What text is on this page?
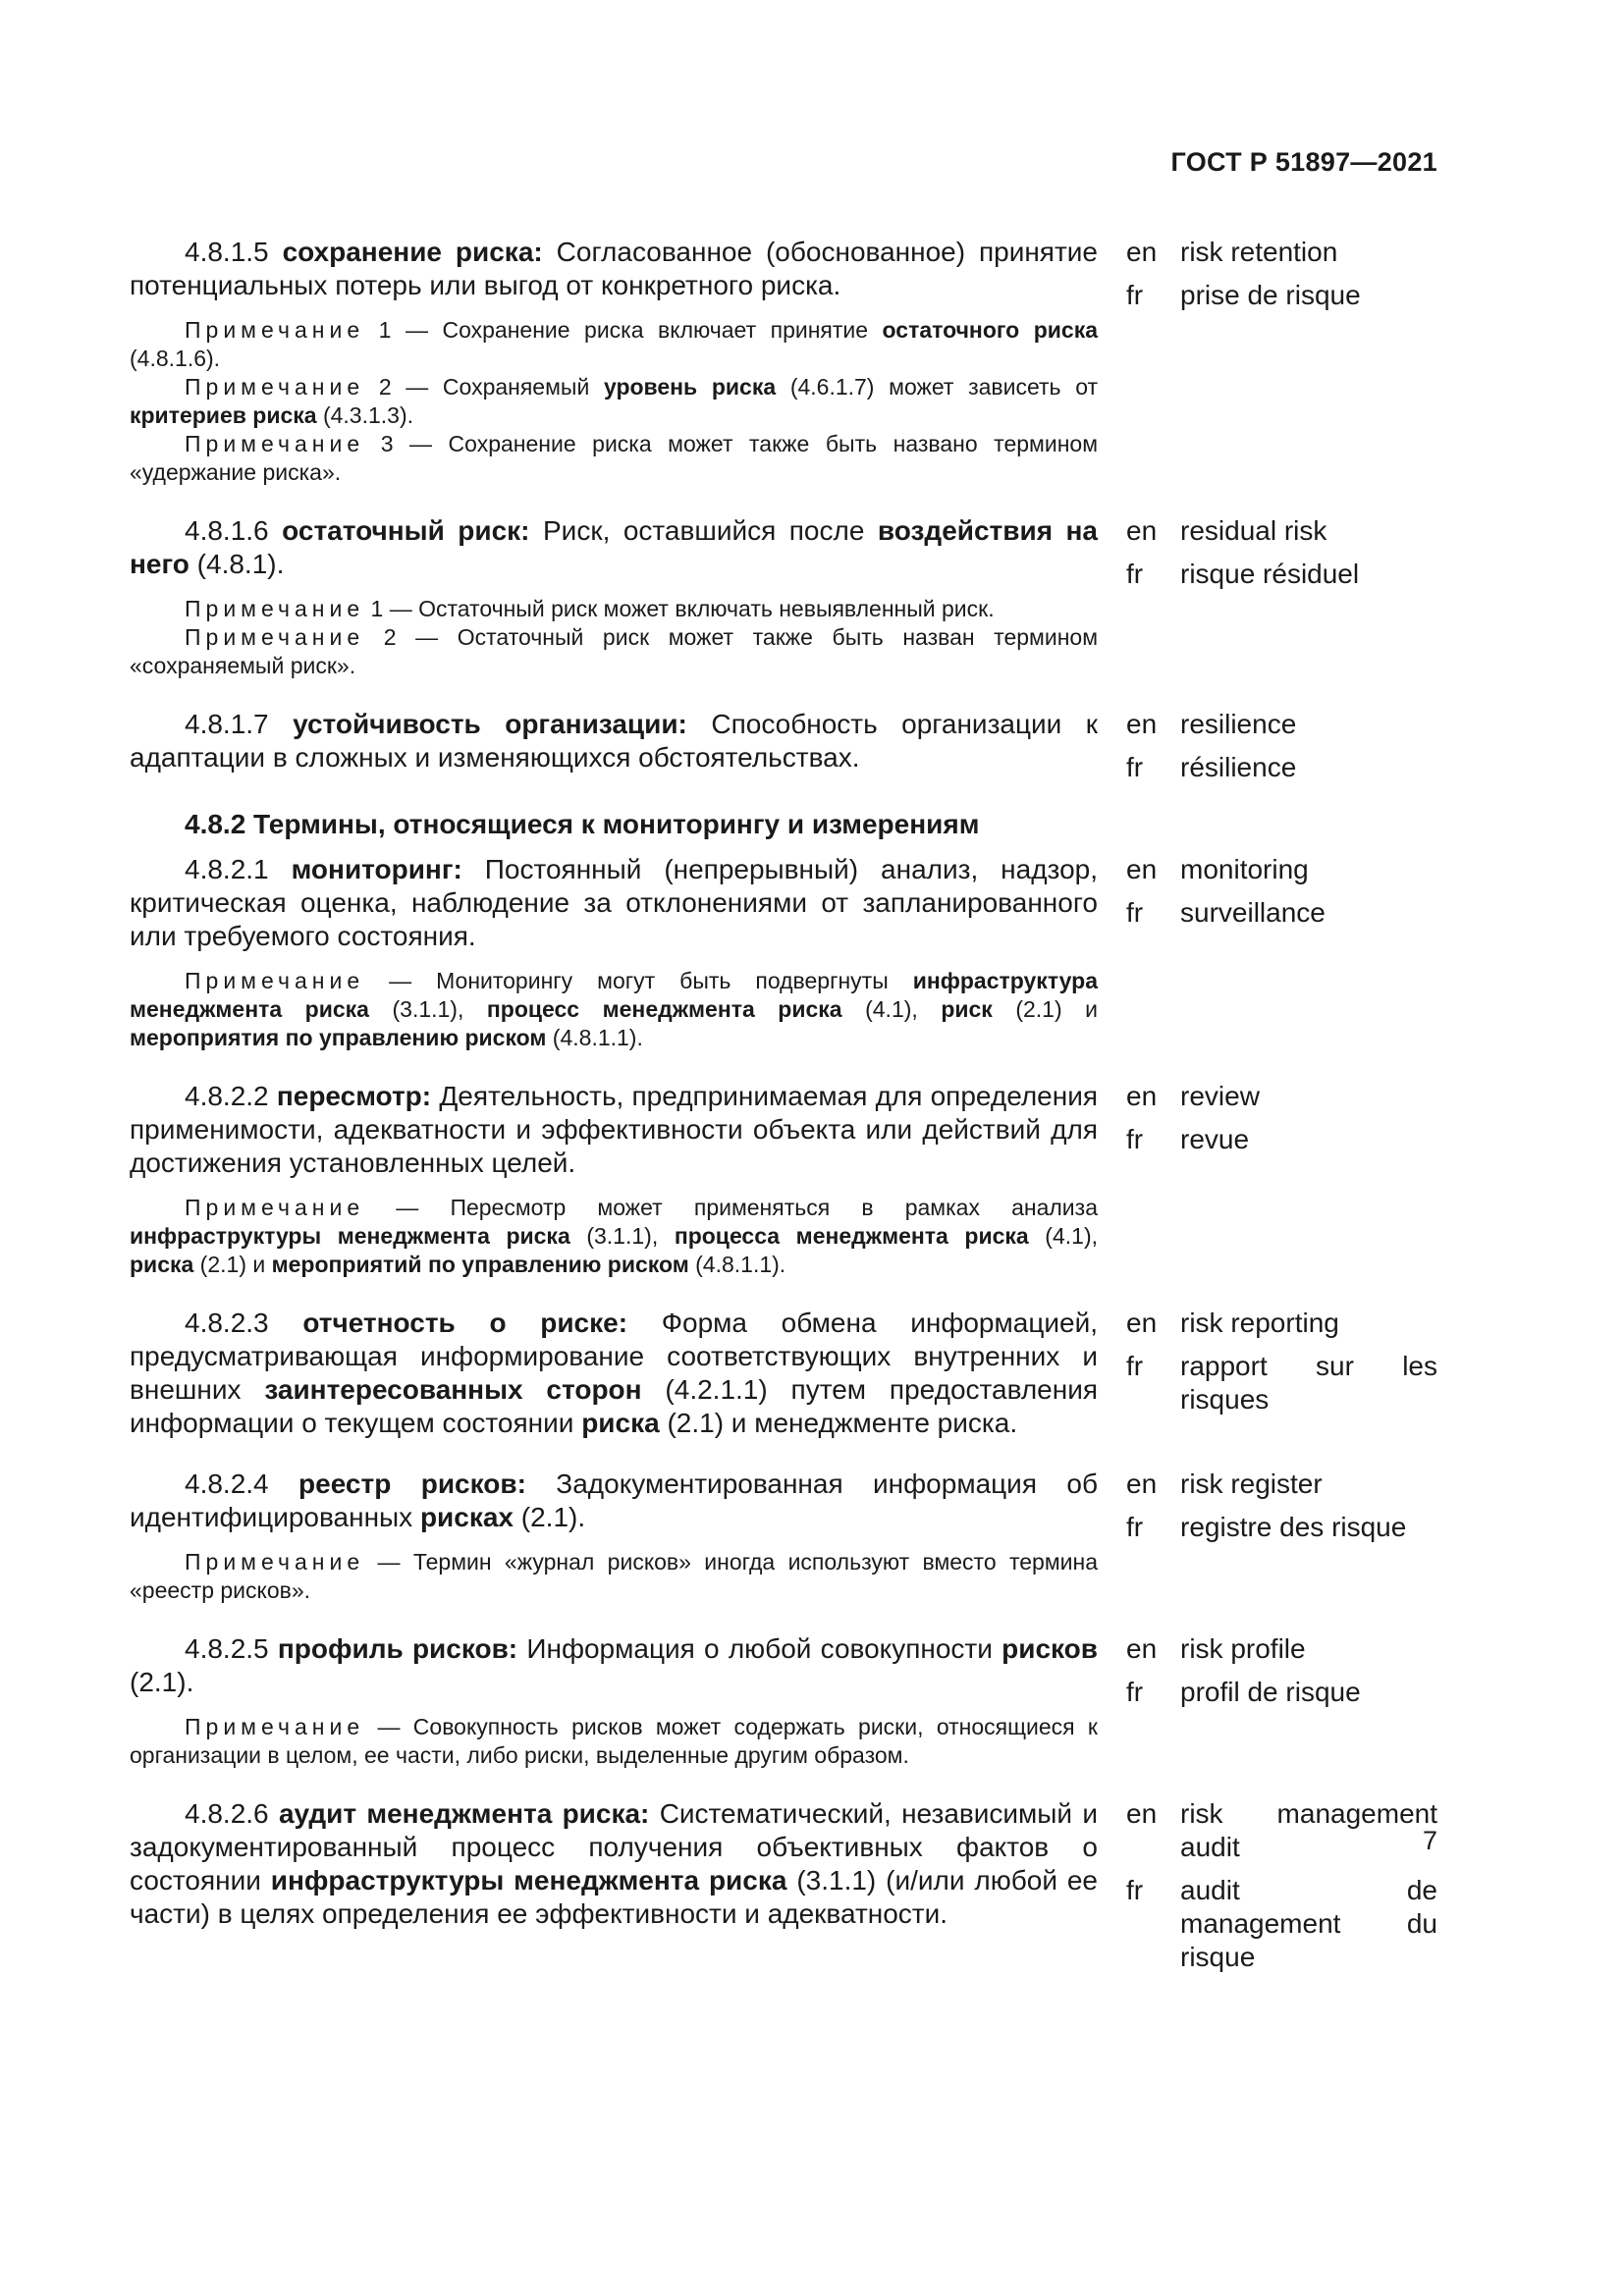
ГОСТ Р 51897—2021

4.8.1.5 сохранение риска: Согласованное (обоснованное) принятие потенциальных потерь или выгод от конкретного риска.

Примечание 1 — Сохранение риска включает принятие остаточного риска (4.8.1.6).

Примечание 2 — Сохраняемый уровень риска (4.6.1.7) может зависеть от критериев риска (4.3.1.3).

Примечание 3 — Сохранение риска может также быть названо термином «удержание риска».

en risk retention
fr	prise de risque

4.8.1.6 остаточный риск: Риск, оставшийся после воздействия на него (4.8.1).

Примечание 1 — Остаточный риск может включать невыявленный риск.

Примечание 2 — Остаточный риск может также быть назван термином «сохраняемый риск».

en residual risk
fr	risque résiduel

4.8.1.7 устойчивость организации: Способность организации к адаптации в сложных и изменяющихся обстоятельствах.

en resilience
fr	résilience
4.8.2 Термины, относящиеся к мониторингу и измерениям

4.8.2.1 мониторинг: Постоянный (непрерывный) анализ, надзор, критическая оценка, наблюдение за отклонениями от запланированного или требуемого состояния.

Примечание — Мониторингу могут быть подвергнуты инфраструктура менеджмента риска (3.1.1), процесс менеджмента риска (4.1), риск (2.1) и мероприятия по управлению риском (4.8.1.1).

en monitoring
fr	surveillance

4.8.2.2 пересмотр: Деятельность, предпринимаемая для определения применимости, адекватности и эффективности объекта или действий для достижения установленных целей.

Примечание — Пересмотр может применяться в рамках анализа инфраструктуры менеджмента риска (3.1.1), процесса менеджмента риска (4.1), риска (2.1) и мероприятий по управлению риском (4.8.1.1).

en review
fr	revue

4.8.2.3 отчетность о риске: Форма обмена информацией, предусматривающая информирование соответствующих внутренних и внешних заинтересованных сторон (4.2.1.1) путем предоставления информации о текущем состоянии риска (2.1) и менеджменте риска.

en risk reporting
fr	rapport sur les risques

4.8.2.4 реестр рисков: Задокументированная информация об идентифицированных рисках (2.1).

Примечание — Термин «журнал рисков» иногда используют вместо термина «реестр рисков».

en risk register
fr	registre des risque

4.8.2.5 профиль рисков: Информация о любой совокупности рисков (2.1).

Примечание — Совокупность рисков может содержать риски, относящиеся к организации в целом, ее части, либо риски, выделенные другим образом.

en risk profile
fr	profil de risque

4.8.2.6 аудит менеджмента риска: Систематический, независимый и задокументированный процесс получения объективных фактов о состоянии инфраструктуры менеджмента риска (3.1.1) (и/или любой ее части) в целях определения ее эффективности и адекватности.

en risk management audit
fr	audit de management du risque
7
